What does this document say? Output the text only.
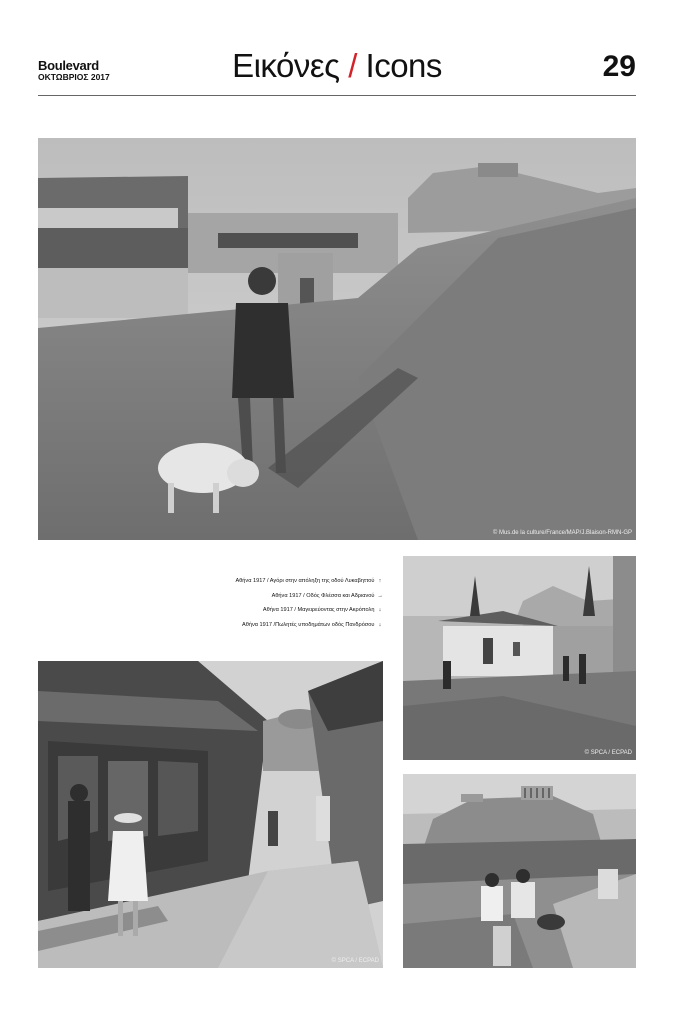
Boulevard
ΟΚΤΩΒΡΙΟΣ 2017	Εικόνες / Icons	29
© Mus.de la culture/France/MAP/J.Blaison-RMN-GP
Αθήνα 1917 / Αγόρι στην απόληξη της οδού Λυκαβηττού ↑
Αθήνα 1917 / Οδός Φλέσσα και Αδριανού →
Αθήνα 1917 / Μαγειρεύοντας στην Ακρόπολη ↓
Αθήνα 1917 /Πωλητές υποδημάτων οδός Πανδρόσου ↓
© SPCA / ECPAD
© SPCA / ECPAD
